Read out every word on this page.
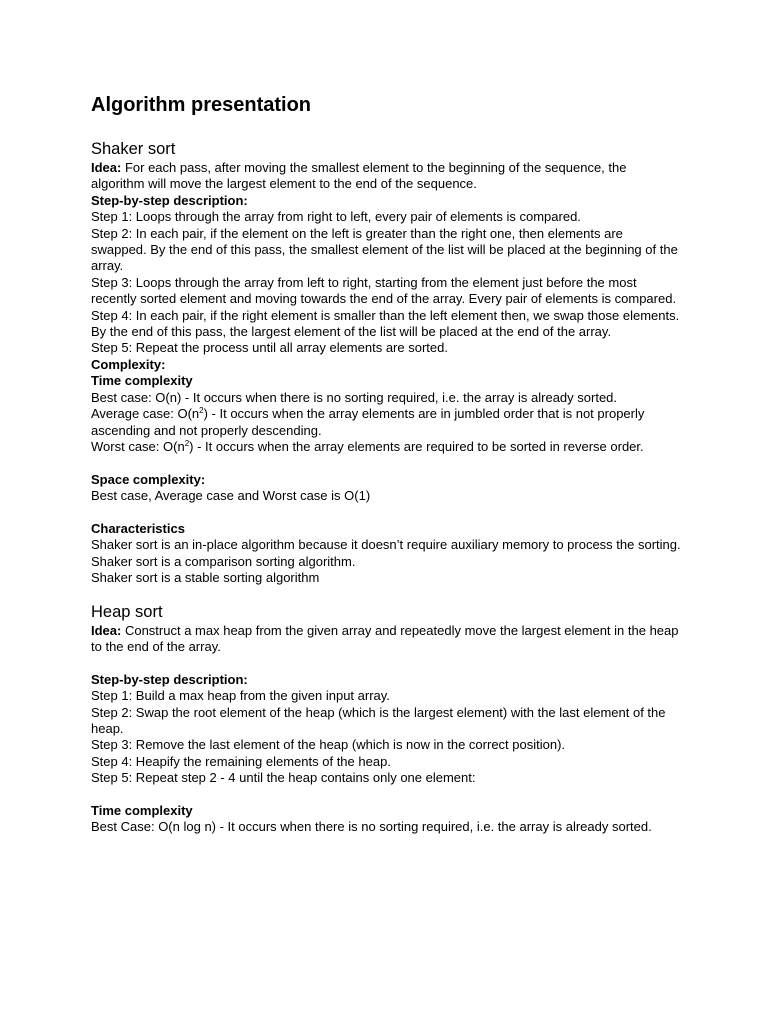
Algorithm presentation
Shaker sort

Idea: For each pass, after moving the smallest element to the beginning of the sequence, the algorithm will move the largest element to the end of the sequence.

Step-by-step description:

Step 1: Loops through the array from right to left, every pair of elements is compared.

Step 2: In each pair, if the element on the left is greater than the right one, then elements are swapped. By the end of this pass, the smallest element of the list will be placed at the beginning of the array.

Step 3: Loops through the array from left to right, starting from the element just before the most recently sorted element and moving towards the end of the array. Every pair of elements is compared.

Step 4: In each pair, if the right element is smaller than the left element then, we swap those elements. By the end of this pass, the largest element of the list will be placed at the end of the array.

Step 5: Repeat the process until all array elements are sorted.

Complexity:

Time complexity

Best case: O(n) - It occurs when there is no sorting required, i.e. the array is already sorted.

Average case: $O(n^2)$ - It occurs when the array elements are in jumbled order that is not properly ascending and not properly descending.

Worst case: $O(n^2)$ - It occurs when the array elements are required to be sorted in reverse order.

Space complexity:

Best case, Average case and Worst case is O(1)

Characteristics

Shaker sort is an in-place algorithm because it doesn’t require auxiliary memory to process the sorting.

Shaker sort is a comparison sorting algorithm.

Shaker sort is a stable sorting algorithm

Heap sort

Idea: Construct a max heap from the given array and repeatedly move the largest element in the heap to the end of the array.

Step-by-step description:

Step 1: Build a max heap from the given input array.

Step 2: Swap the root element of the heap (which is the largest element) with the last element of the heap.

Step 3: Remove the last element of the heap (which is now in the correct position).

Step 4: Heapify the remaining elements of the heap.

Step 5: Repeat step 2 - 4 until the heap contains only one element:

Time complexity

Best Case: O(n log n) - It occurs when there is no sorting required, i.e. the array is already sorted.
